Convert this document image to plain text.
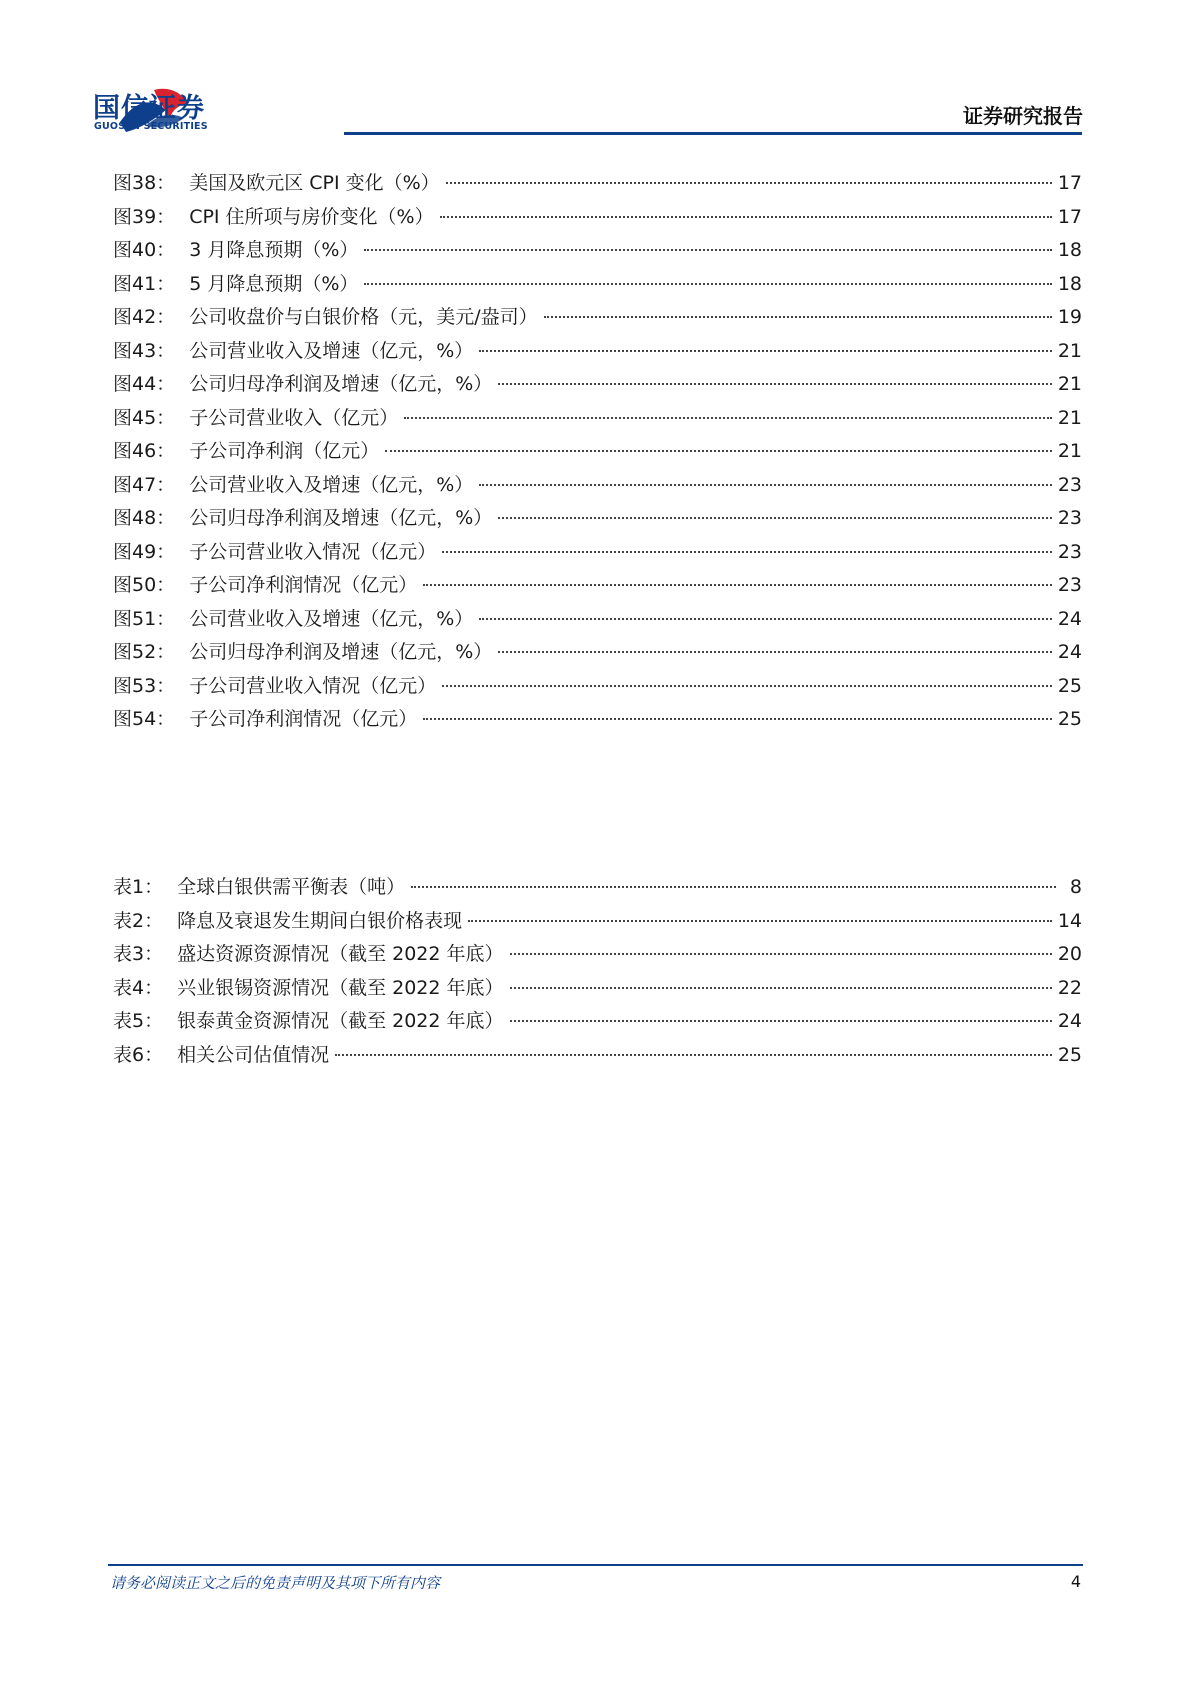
国信证券
GUOSEN SECURITIES	证券研究报告
图38： 美国及欧元区 CPI 变化（%）	17
图39： CPI 住所项与房价变化（%）	17
图40： 3 月降息预期（%）	18
图41： 5 月降息预期（%）	18
图42： 公司收盘价与白银价格（元，美元/盎司）	19
图43： 公司营业收入及增速（亿元，%）	21
图44： 公司归母净利润及增速（亿元，%）	21
图45： 子公司营业收入（亿元）	21
图46： 子公司净利润（亿元）	21
图47： 公司营业收入及增速（亿元，%）	23
图48： 公司归母净利润及增速（亿元，%）	23
图49： 子公司营业收入情况（亿元）	23
图50： 子公司净利润情况（亿元）	23
图51： 公司营业收入及增速（亿元，%）	24
图52： 公司归母净利润及增速（亿元，%）	24
图53： 子公司营业收入情况（亿元）	25
图54： 子公司净利润情况（亿元）	25
表1： 全球白银供需平衡表（吨）	8
表2： 降息及衰退发生期间白银价格表现	14
表3： 盛达资源资源情况（截至 2022 年底）	20
表4： 兴业银锡资源情况（截至 2022 年底）	22
表5： 银泰黄金资源情况（截至 2022 年底）	24
表6： 相关公司估值情况	25
请务必阅读正文之后的免责声明及其项下所有内容	4
